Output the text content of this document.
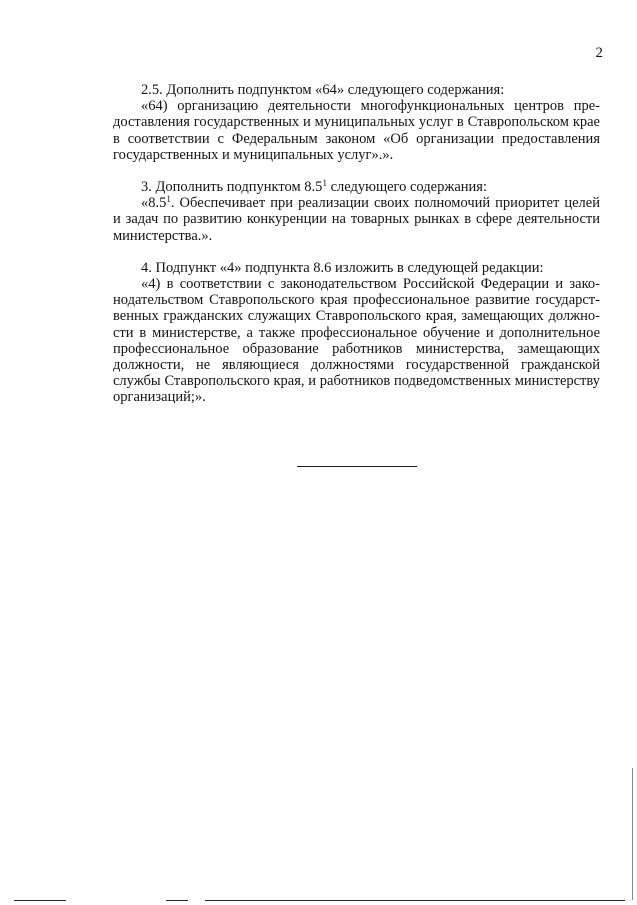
2

2.5. Дополнить подпунктом «64» следующего содержания:

«64) организацию деятельности многофункциональных центров предоставления государственных и муниципальных услуг в Ставропольском крае в соответствии с Федеральным законом «Об организации предоставления государственных и муниципальных услуг».».

3. Дополнить подпунктом $8.5^1$ следующего содержания:

«$8.5^1$. Обеспечивает при реализации своих полномочий приоритет целей и задач по развитию конкуренции на товарных рынках в сфере деятельности министерства.».

4. Подпункт «4» подпункта 8.6 изложить в следующей редакции:

«4) в соответствии с законодательством Российской Федерации и законодательством Ставропольского края профессиональное развитие государственных гражданских служащих Ставропольского края, замещающих должности в министерстве, а также профессиональное обучение и дополнительное профессиональное образование работников министерства, замещающих должности, не являющиеся должностями государственной гражданской службы Ставропольского края, и работников подведомственных министерству организаций;».
